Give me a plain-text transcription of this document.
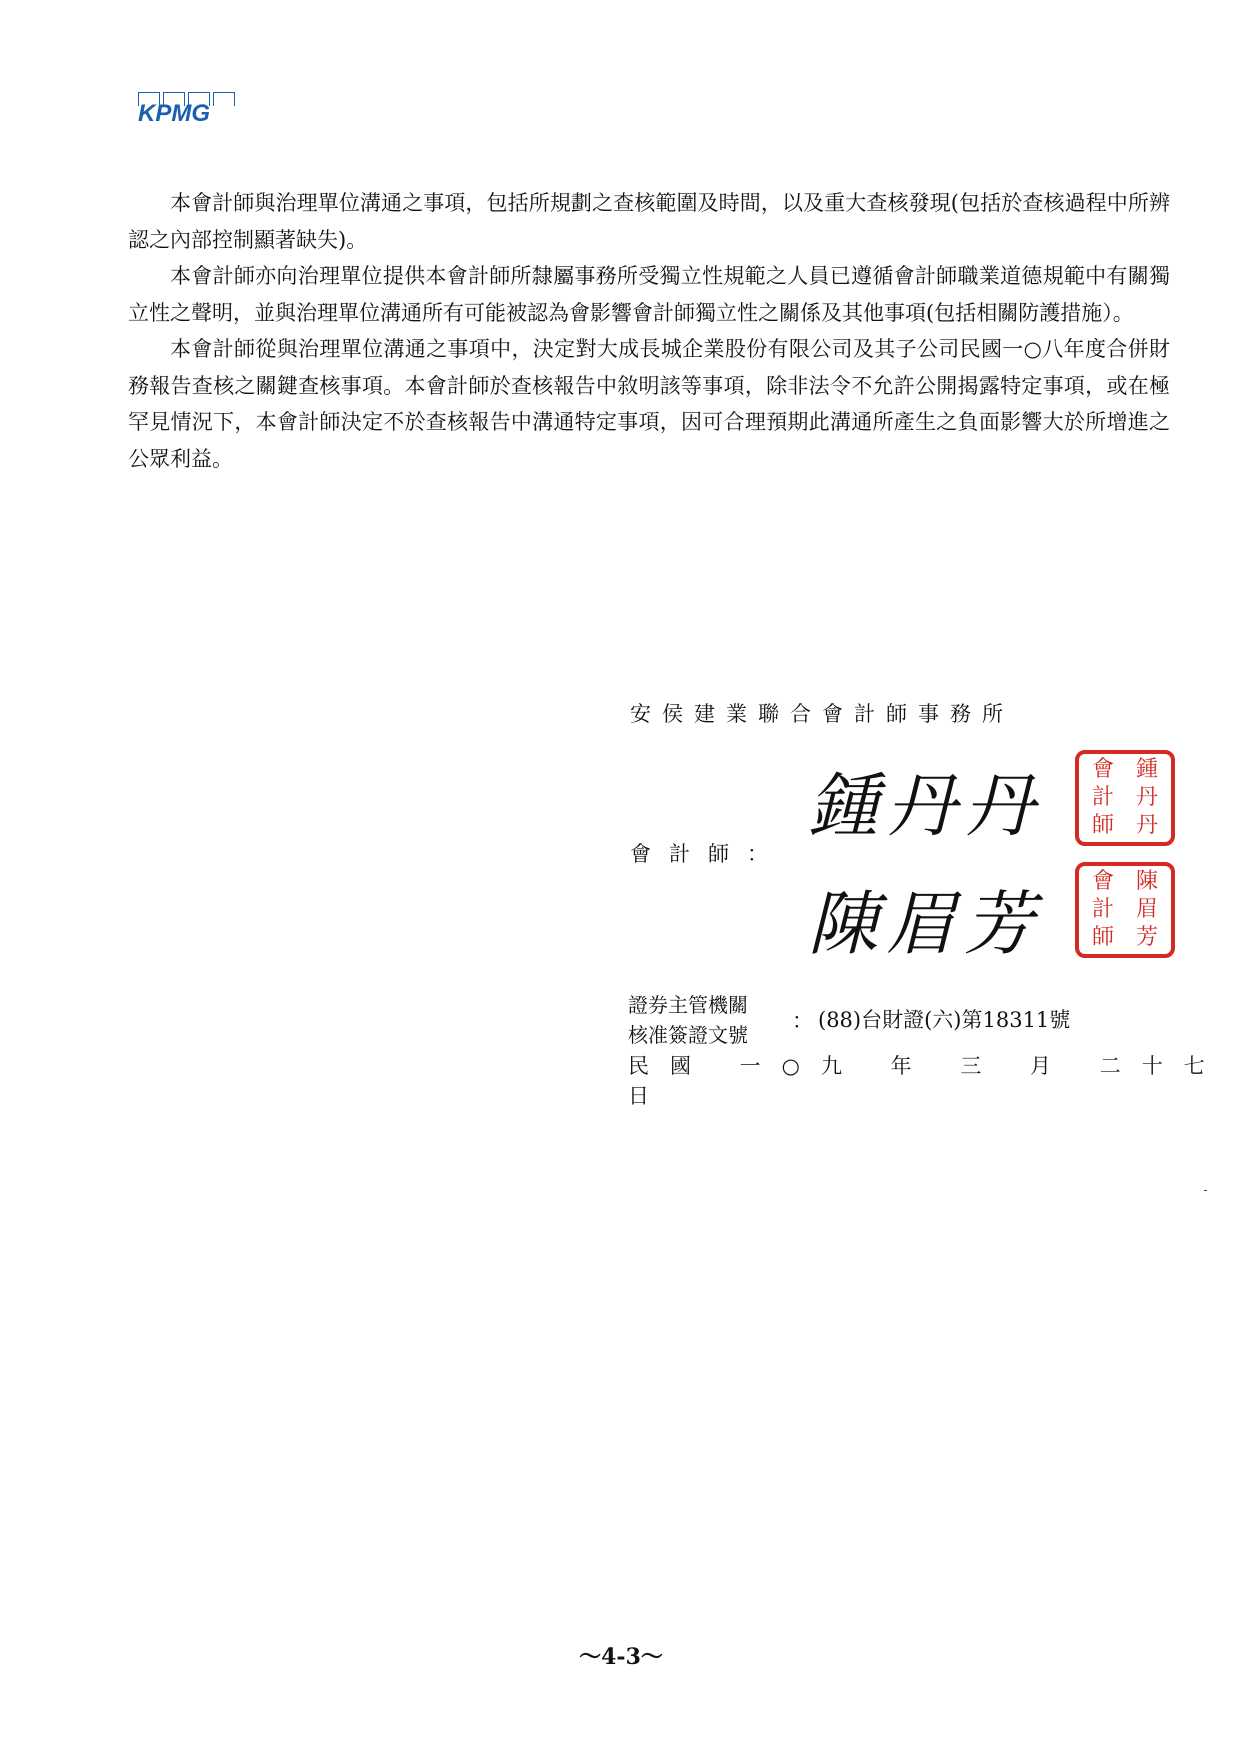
KPMG

本會計師與治理單位溝通之事項，包括所規劃之查核範圍及時間，以及重大查核發現(包括於查核過程中所辨認之內部控制顯著缺失)。

本會計師亦向治理單位提供本會計師所隸屬事務所受獨立性規範之人員已遵循會計師職業道德規範中有關獨立性之聲明，並與治理單位溝通所有可能被認為會影響會計師獨立性之關係及其他事項(包括相關防護措施）。

本會計師從與治理單位溝通之事項中，決定對大成長城企業股份有限公司及其子公司民國一○八年度合併財務報告查核之關鍵查核事項。本會計師於查核報告中敘明該等事項，除非法令不允許公開揭露特定事項，或在極罕見情況下，本會計師決定不於查核報告中溝通特定事項，因可合理預期此溝通所產生之負面影響大於所增進之公眾利益。

安侯建業聯合會計師事務所
會計師：
鍾丹丹	會 鍾
計 丹
師 丹
陳眉芳
會 陳
計 眉
師 芳
證券主管機關
核准簽證文號
： (88)台財證(六)第18311號
民國 一○九 年 三 月 二十七 日
～4-3～
